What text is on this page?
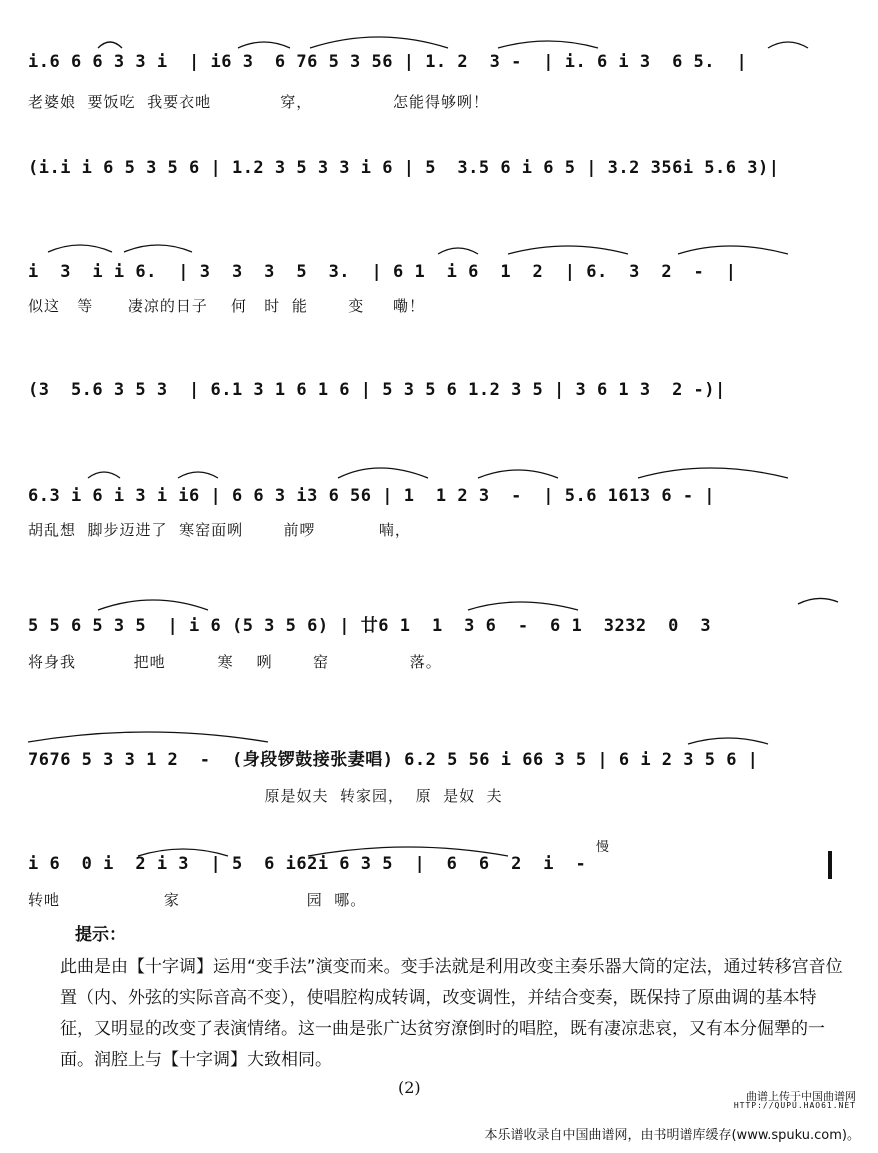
i.6 6 6 3 3 i  | i6 3  6 76 5 3 56 | 1. 2  3 -  | i. 6 i 3  6 5.  |
老婆娘  要饭吃  我要衣吔            穿，              怎能得够咧！
(i.i i 6 5 3 5 6 | 1.2 3 5 3 3 i 6 | 5  3.5 6 i 6 5 | 3.2 356i 5.6 3)|
i  3  i i 6.  | 3  3  3  5  3.  | 6 1  i 6  1  2  | 6.  3  2  -  |
似这   等      凄凉的日子    何   时  能       变     嘞！
(3  5.6 3 5 3  | 6.1 3 1 6 1 6 | 5 3 5 6 1.2 3 5 | 3 6 1 3  2 -)|
6.3 i 6 i 3 i i6 | 6 6 3 i3 6 56 | 1  1 2 3  -  | 5.6 1613 6 - |
胡乱想  脚步迈进了  寒窑面咧       前啰           喃，
5 5 6 5 3 5  | i 6 (5 3 5 6) | 廿6 1  1  3 6  -  6 1  3232  0  3
将身我          把吔         寒    咧       窑              落。
7676 5 3 3 1 2  -  (身段锣鼓接张妻唱) 6.2 5 56 i 66 3 5 | 6 i 2 3 5 6 |
原是奴夫  转家园，  原  是奴  夫
i 6  0 i  2 i 3  | 5  6 i62i 6 3 5  |  6  6  2  i  -
转吔                  家                      园  哪。
慢
提示：
此曲是由【十字调】运用“变手法”演变而来。变手法就是利用改变主奏乐器大筒的定法，通过转移宫音位置（内、外弦的实际音高不变），使唱腔构成转调，改变调性，并结合变奏，既保持了原曲调的基本特征，又明显的改变了表演情绪。这一曲是张广达贫穷潦倒时的唱腔，既有凄凉悲哀，又有本分倔犟的一面。润腔上与【十字调】大致相同。
(2)	曲谱上传于中国曲谱网
HTTP://QUPU.HAO61.NET
本乐谱收录自中国曲谱网，由书明谱库缓存(www.spuku.com)。
